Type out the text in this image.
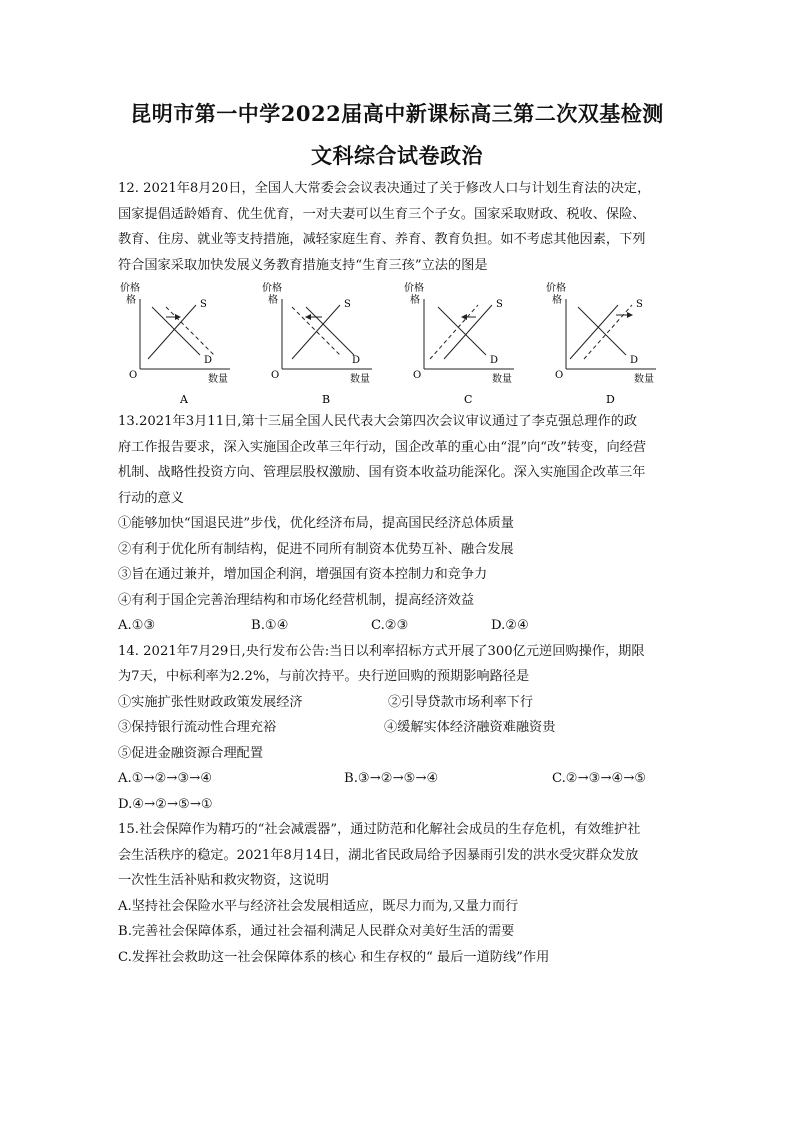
昆明市第一中学2022届高中新课标高三第二次双基检测
文科综合试卷政治

12. 2021年8月20日，全国人大常委会会议表决通过了关于修改人口与计划生育法的决定，

国家提倡适龄婚育、优生优育，一对夫妻可以生育三个子女。国家采取财政、税收、保险、

教育、住房、就业等支持措施，减轻家庭生育、养育、教育负担。如不考虑其他因素，下列

符合国家采取加快发展义务教育措施支持“生育三孩”立法的图是

价格
格
O	数量
S
D
A
价格
格
O	数量
S
D
B
价格
格
O	数量
S
D
C
价格
格
O	数量
S
D
D

13.2021年3月11日,第十三届全国人民代表大会第四次会议审议通过了李克强总理作的政

府工作报告要求，深入实施国企改革三年行动，国企改革的重心由“混”向“改”转变，向经营

机制、战略性投资方向、管理层股权激励、国有资本收益功能深化。深入实施国企改革三年

行动的意义

①能够加快“国退民进”步伐，优化经济布局，提高国民经济总体质量

②有利于优化所有制结构，促进不同所有制资本优势互补、融合发展

③旨在通过兼并，增加国企利润，增强国有资本控制力和竞争力

④有利于国企完善治理结构和市场化经营机制，提高经济效益

A.①③	B.①④	C.②③	D.②④

14. 2021年7月29日,央行发布公告:当日以利率招标方式开展了300亿元逆回购操作，期限

为7天，中标利率为2.2%，与前次持平。央行逆回购的预期影响路径是

①实施扩张性财政政策发展经济	②引导贷款市场利率下行
③保持银行流动性合理充裕	④缓解实体经济融资难融资贵

⑤促进金融资源合理配置

A.①→②→③→④	B.③→②→⑤→④	C.②→③→④→⑤

D.④→②→⑤→①

15.社会保障作为精巧的“社会减震器”，通过防范和化解社会成员的生存危机，有效维护社

会生活秩序的稳定。2021年8月14日，湖北省民政局给予因暴雨引发的洪水受灾群众发放

一次性生活补贴和救灾物资，这说明

A.坚持社会保险水平与经济社会发展相适应，既尽力而为,又量力而行

B.完善社会保障体系，通过社会福利满足人民群众对美好生活的需要

C.发挥社会救助这一社会保障体系的核心 和生存权的“ 最后一道防线”作用
